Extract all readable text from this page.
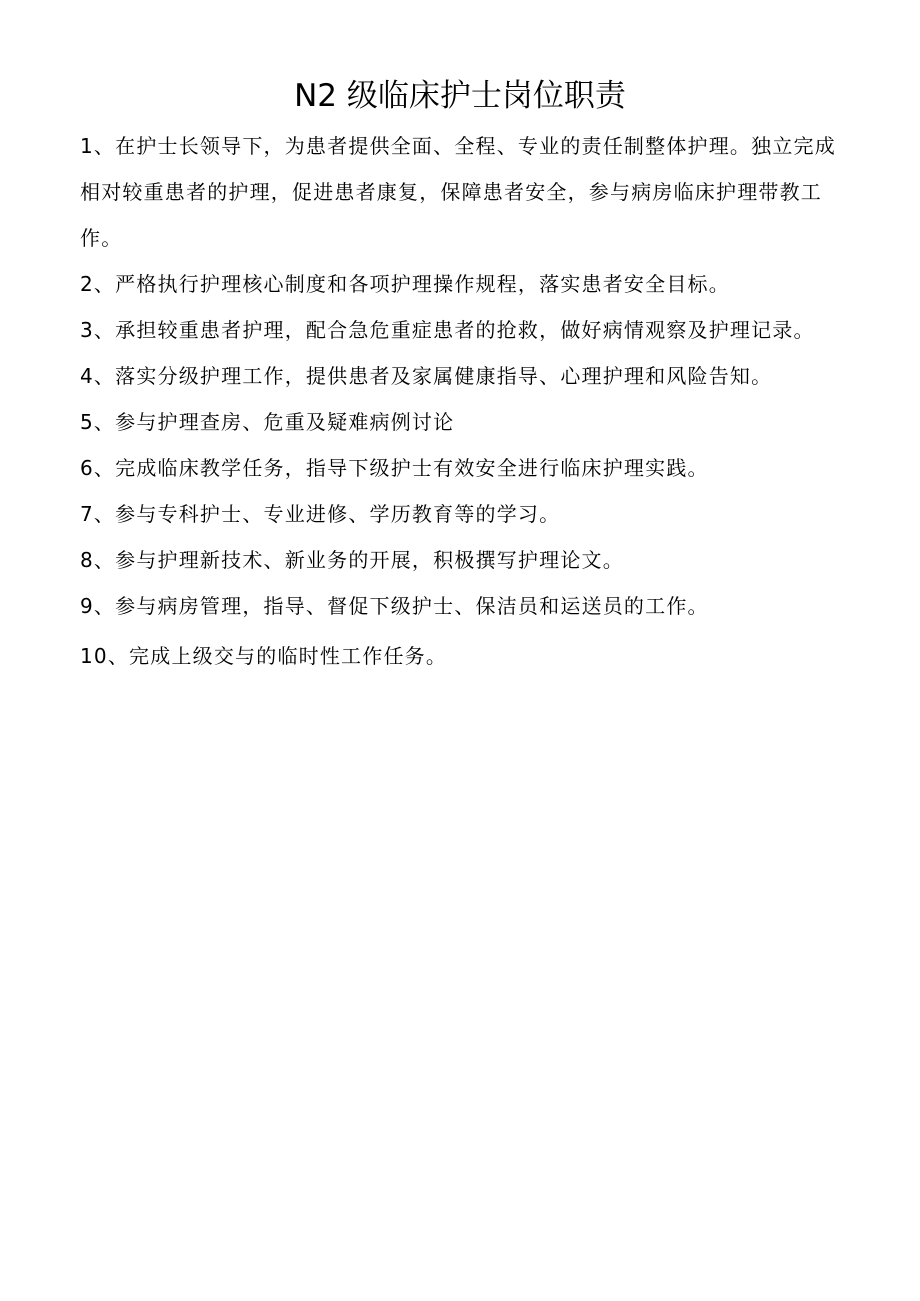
N2 级临床护士岗位职责

1、在护士长领导下，为患者提供全面、全程、专业的责任制整体护理。独立完成相对较重患者的护理，促进患者康复，保障患者安全，参与病房临床护理带教工作。

2、严格执行护理核心制度和各项护理操作规程，落实患者安全目标。

3、承担较重患者护理，配合急危重症患者的抢救，做好病情观察及护理记录。

4、落实分级护理工作，提供患者及家属健康指导、心理护理和风险告知。

5、参与护理查房、危重及疑难病例讨论

6、完成临床教学任务，指导下级护士有效安全进行临床护理实践。

7、参与专科护士、专业进修、学历教育等的学习。

8、参与护理新技术、新业务的开展，积极撰写护理论文。

9、参与病房管理，指导、督促下级护士、保洁员和运送员的工作。

10、完成上级交与的临时性工作任务。
